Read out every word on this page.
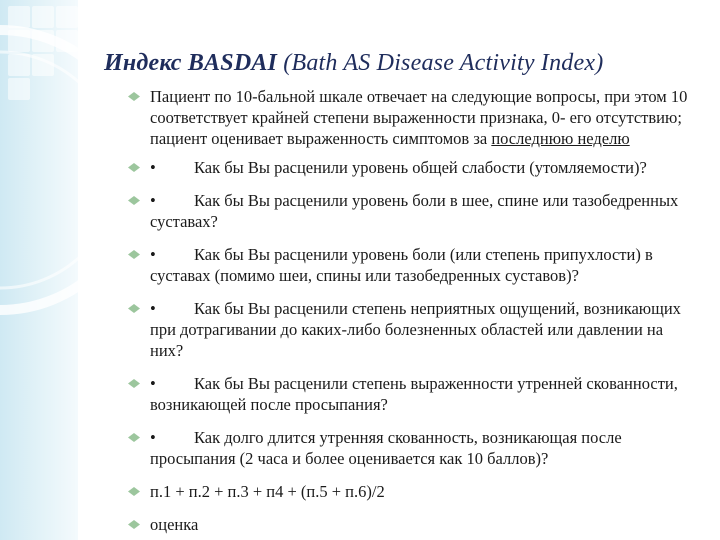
Индекс BASDAI (Bath AS Disease Activity Index)
Пациент по 10-бальной шкале отвечает на следующие вопросы, при этом 10 соответствует крайней степени выраженности признака, 0- его отсутствию; пациент оценивает выраженность симптомов за последнюю неделю
• Как бы Вы расценили уровень общей слабости (утомляемости)?
• Как бы Вы расценили уровень боли в шее, спине или тазобедренных суставах?
• Как бы Вы расценили уровень боли (или степень припухлости) в суставах (помимо шеи, спины или тазобедренных суставов)?
• Как бы Вы расценили степень неприятных ощущений, возникающих при дотрагивании до каких-либо болезненных областей или давлении на них?
• Как бы Вы расценили степень выраженности утренней скованности, возникающей после просыпания?
• Как долго длится утренняя скованность, возникающая после просыпания (2 часа и более оценивается как 10 баллов)?
п.1 + п.2 + п.3 + п4 + (п.5 + п.6)/2
оценка
